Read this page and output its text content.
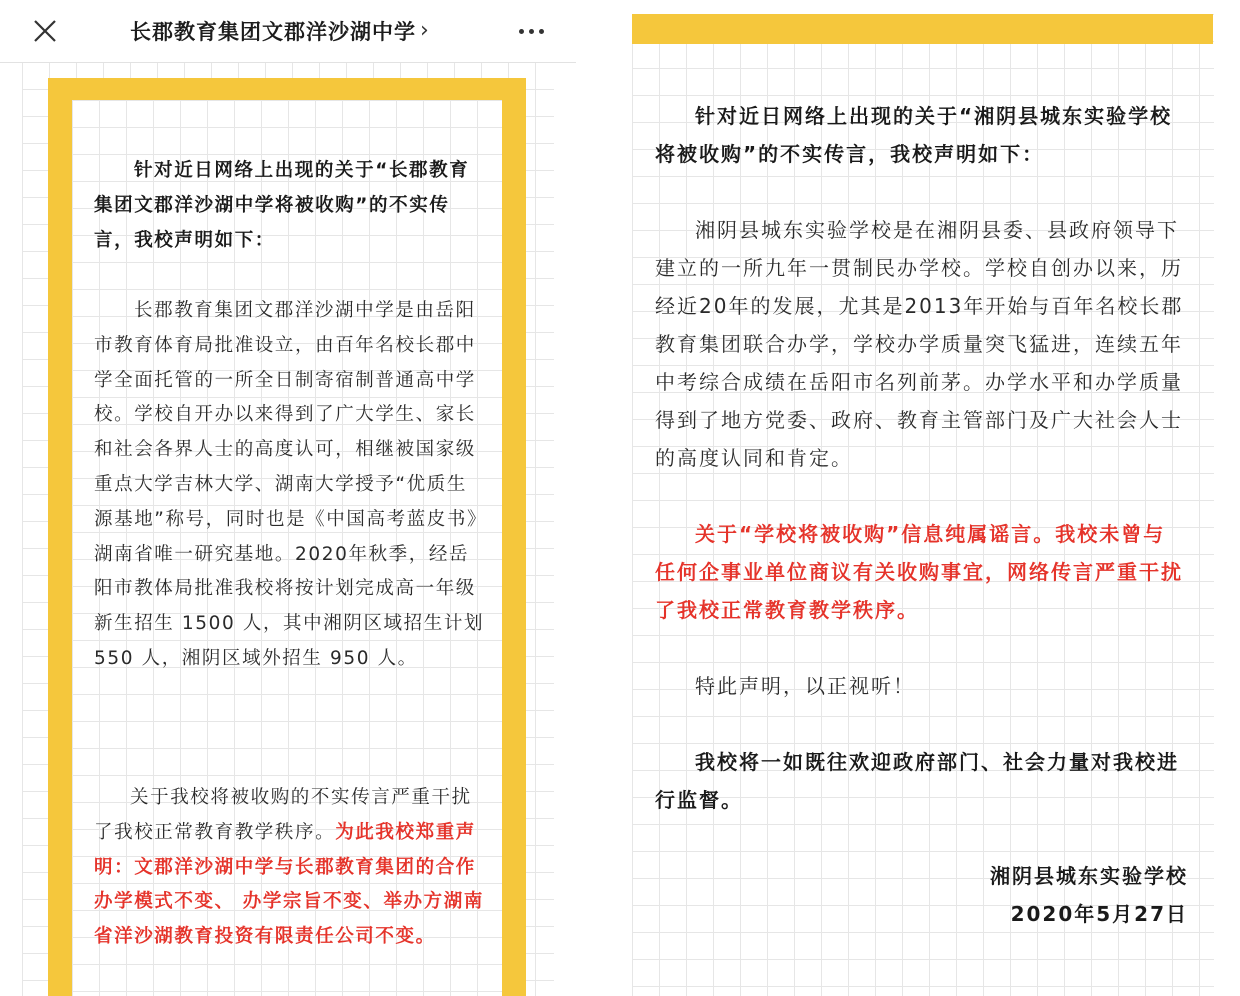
长郡教育集团文郡洋沙湖中学 ›
针对近日网络上出现的关于“长郡教育集团文郡洋沙湖中学将被收购”的不实传言，我校声明如下：
长郡教育集团文郡洋沙湖中学是由岳阳市教育体育局批准设立，由百年名校长郡中学全面托管的一所全日制寄宿制普通高中学校。学校自开办以来得到了广大学生、家长和社会各界人士的高度认可，相继被国家级重点大学吉林大学、湖南大学授予“优质生源基地”称号，同时也是《中国高考蓝皮书》湖南省唯一研究基地。2020年秋季，经岳阳市教体局批准我校将按计划完成高一年级新生招生 1500 人，其中湘阴区域招生计划 550 人，湘阴区域外招生 950 人。
关于我校将被收购的不实传言严重干扰了我校正常教育教学秩序。为此我校郑重声明：文郡洋沙湖中学与长郡教育集团的合作办学模式不变、 办学宗旨不变、举办方湖南省洋沙湖教育投资有限责任公司不变。
针对近日网络上出现的关于“湘阴县城东实验学校将被收购”的不实传言，我校声明如下：
湘阴县城东实验学校是在湘阴县委、县政府领导下建立的一所九年一贯制民办学校。学校自创办以来，历经近20年的发展，尤其是2013年开始与百年名校长郡教育集团联合办学，学校办学质量突飞猛进，连续五年中考综合成绩在岳阳市名列前茅。办学水平和办学质量得到了地方党委、政府、教育主管部门及广大社会人士的高度认同和肯定。
关于“学校将被收购”信息纯属谣言。我校未曾与任何企事业单位商议有关收购事宜，网络传言严重干扰了我校正常教育教学秩序。
特此声明，以正视听！
我校将一如既往欢迎政府部门、社会力量对我校进行监督。
湘阴县城东实验学校
2020年5月27日
